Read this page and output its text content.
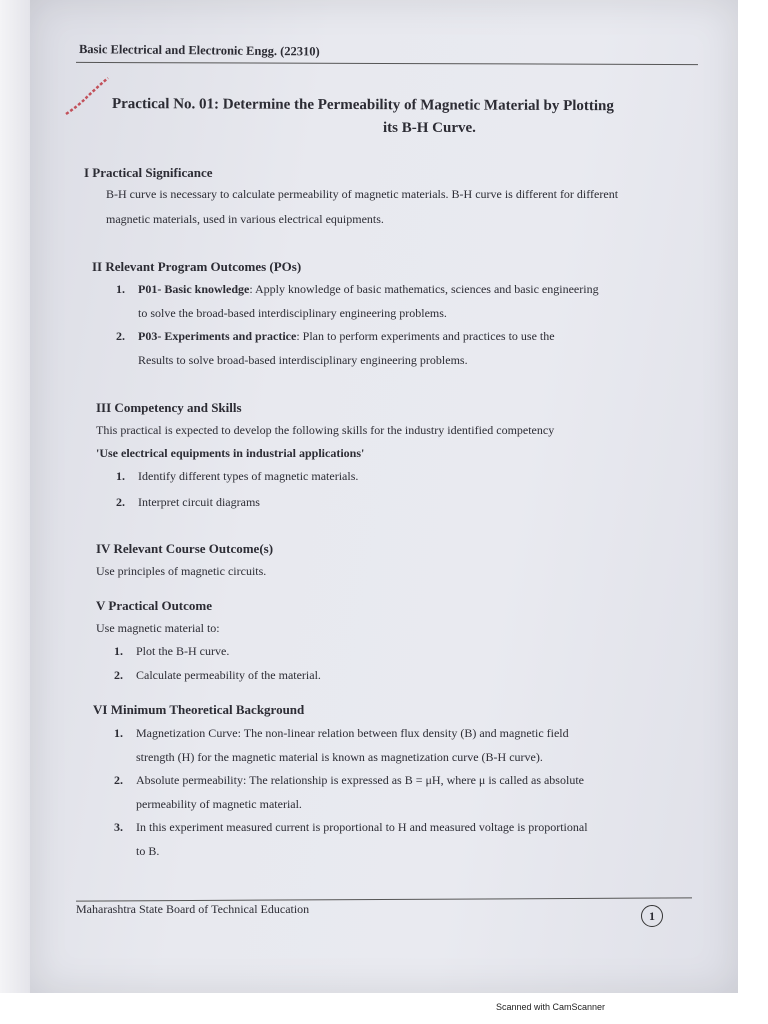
Basic Electrical and Electronic Engg. (22310)
Practical No. 01: Determine the Permeability of Magnetic Material by Plotting
its B-H Curve.
I Practical Significance
B-H curve is necessary to calculate permeability of magnetic materials. B-H curve is different for different
magnetic materials, used in various electrical equipments.
II Relevant Program Outcomes (POs)
1. P01- Basic knowledge: Apply knowledge of basic mathematics, sciences and basic engineering
to solve the broad-based interdisciplinary engineering problems.
2. P03- Experiments and practice: Plan to perform experiments and practices to use the
Results to solve broad-based interdisciplinary engineering problems.
III Competency and Skills
This practical is expected to develop the following skills for the industry identified competency
'Use electrical equipments in industrial applications'
1. Identify different types of magnetic materials.
2. Interpret circuit diagrams
IV Relevant Course Outcome(s)
Use principles of magnetic circuits.
V Practical Outcome
Use magnetic material to:
1. Plot the B-H curve.
2. Calculate permeability of the material.
VI Minimum Theoretical Background
1. Magnetization Curve: The non-linear relation between flux density (B) and magnetic field
strength (H) for the magnetic material is known as magnetization curve (B-H curve).
2. Absolute permeability: The relationship is expressed as B = μH, where μ is called as absolute
permeability of magnetic material.
3. In this experiment measured current is proportional to H and measured voltage is proportional
to B.
Maharashtra State Board of Technical Education	1
Scanned with CamScanner
